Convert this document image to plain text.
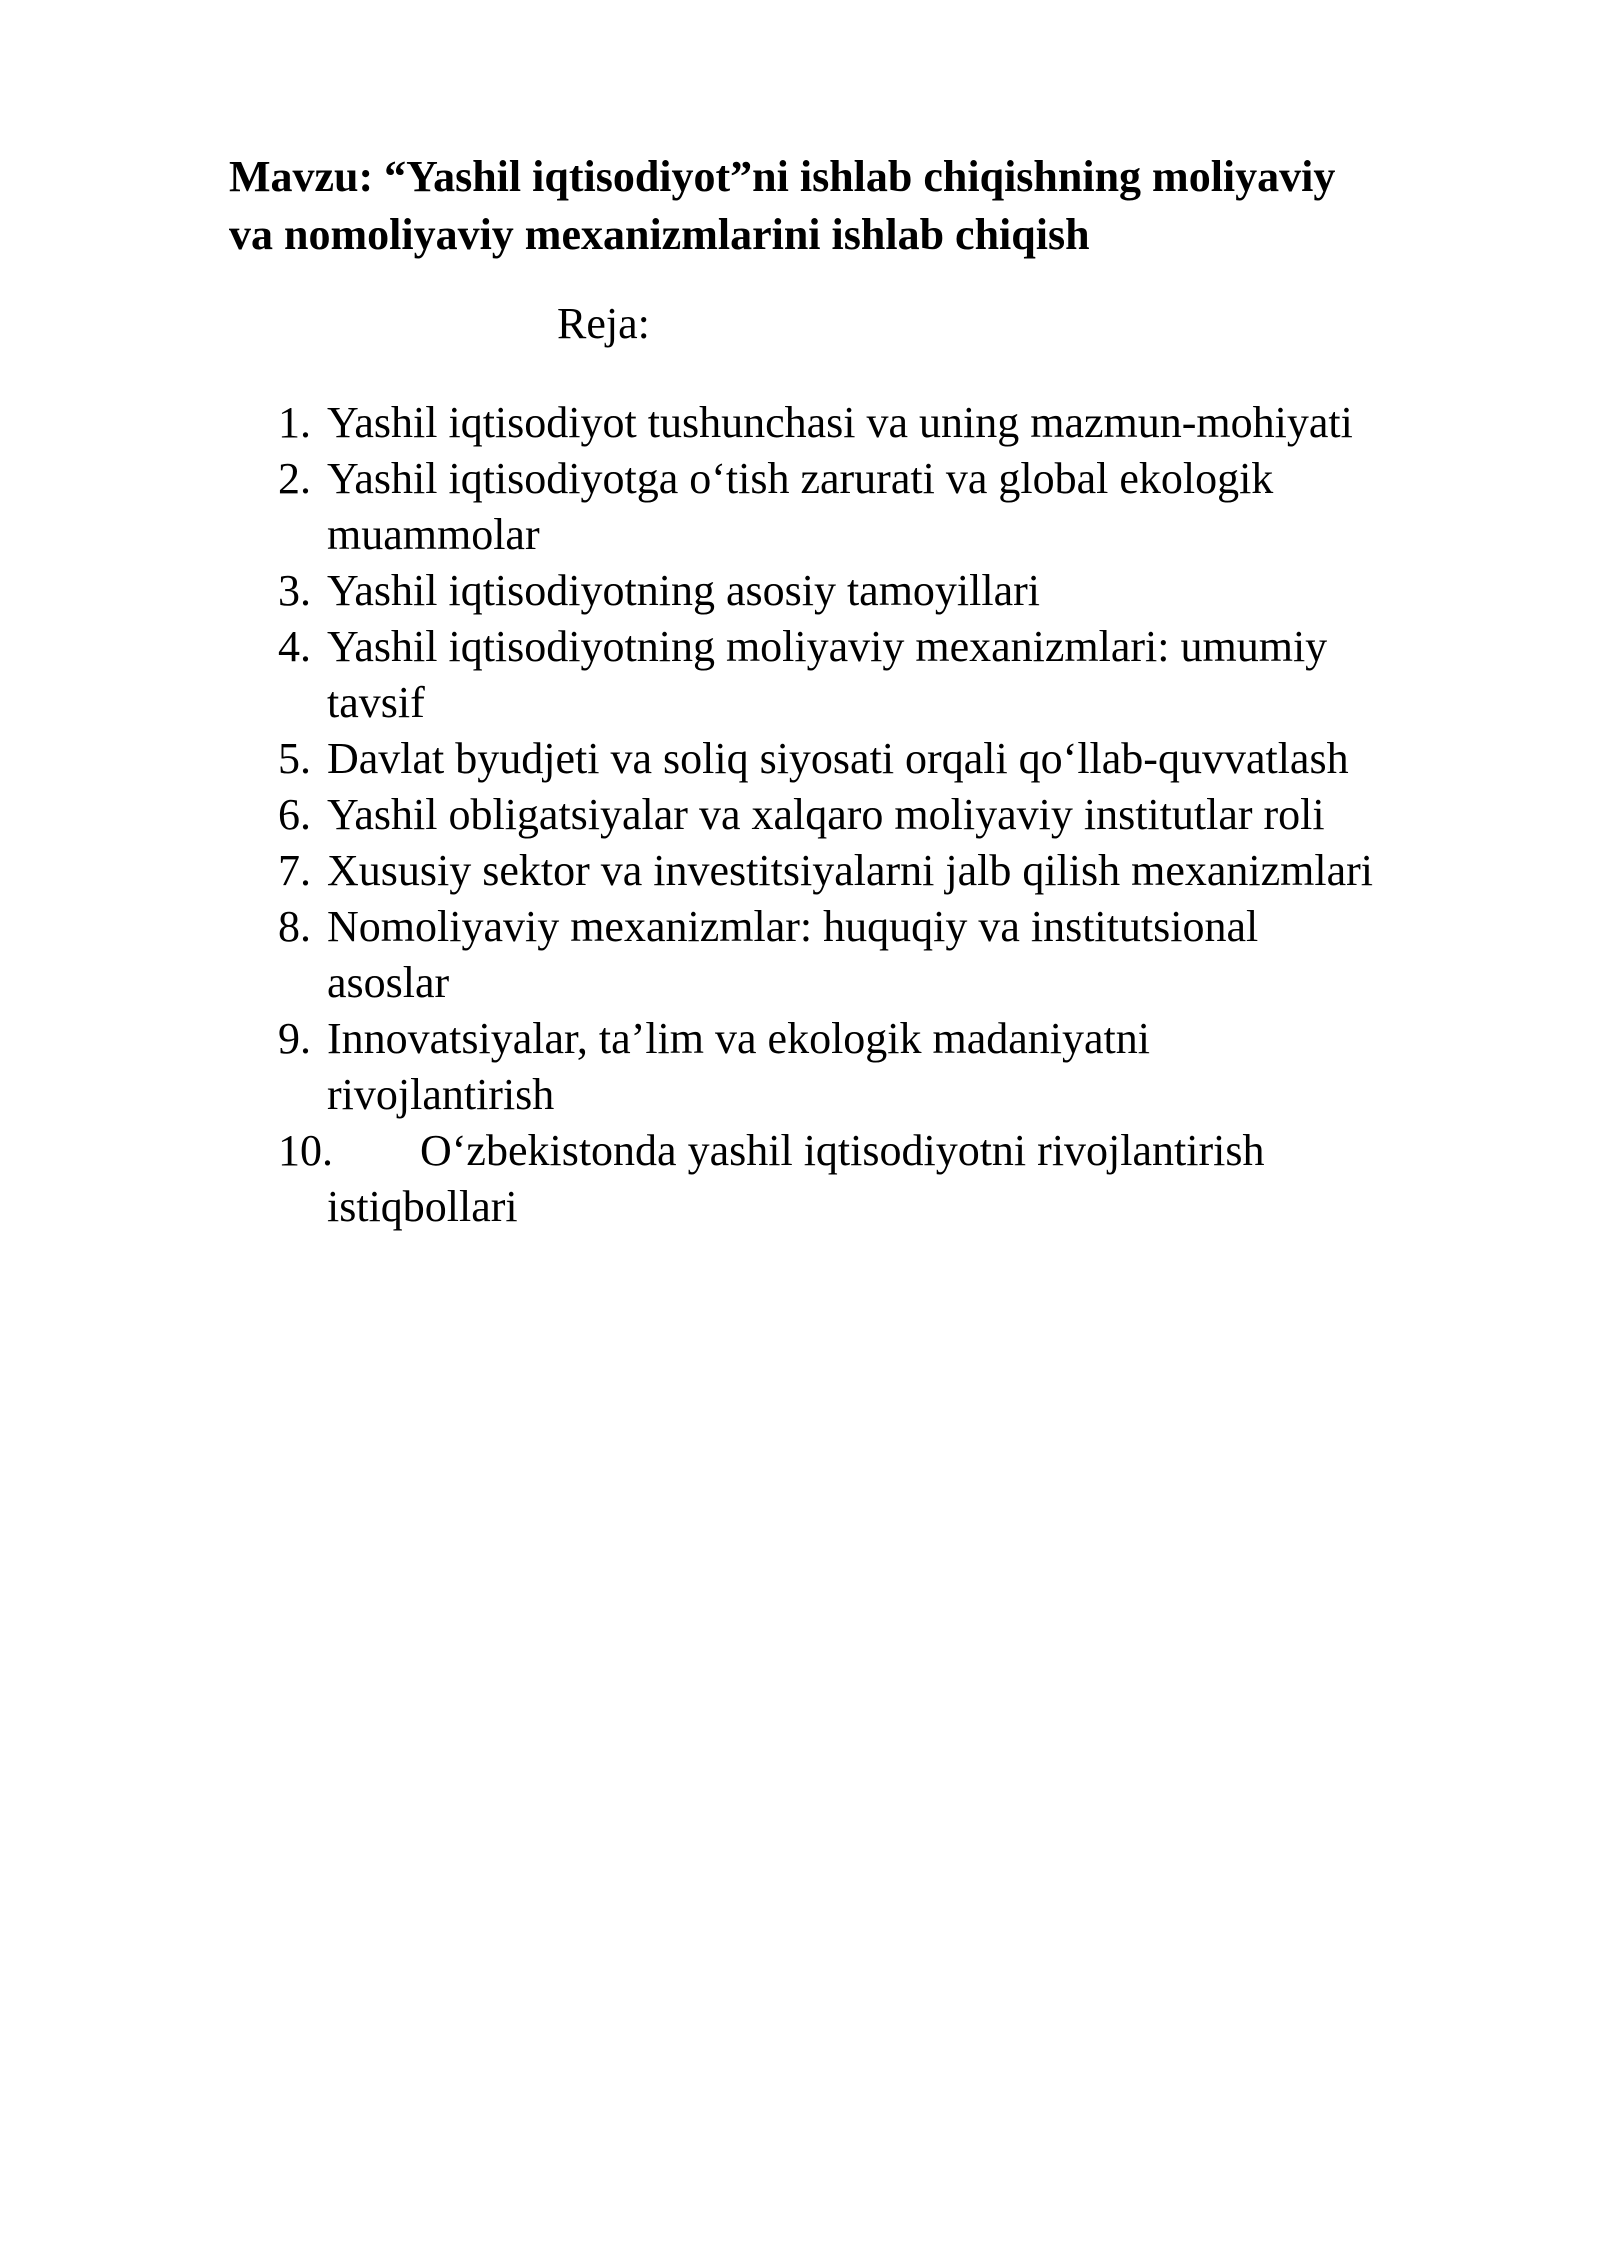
Mavzu: “Yashil iqtisodiyot”ni ishlab chiqishning moliyaviy
va nomoliyaviy mexanizmlarini ishlab chiqish

Reja:

1. Yashil iqtisodiyot tushunchasi va uning mazmun-mohiyati
2. Yashil iqtisodiyotga o‘tish zarurati va global ekologik
muammolar
3. Yashil iqtisodiyotning asosiy tamoyillari
4. Yashil iqtisodiyotning moliyaviy mexanizmlari: umumiy
tavsif
5. Davlat byudjeti va soliq siyosati orqali qo‘llab-quvvatlash
6. Yashil obligatsiyalar va xalqaro moliyaviy institutlar roli
7. Xususiy sektor va investitsiyalarni jalb qilish mexanizmlari
8. Nomoliyaviy mexanizmlar: huquqiy va institutsional
asoslar
9. Innovatsiyalar, ta’lim va ekologik madaniyatni
rivojlantirish
10.	O‘zbekistonda yashil iqtisodiyotni rivojlantirish
istiqbollari
